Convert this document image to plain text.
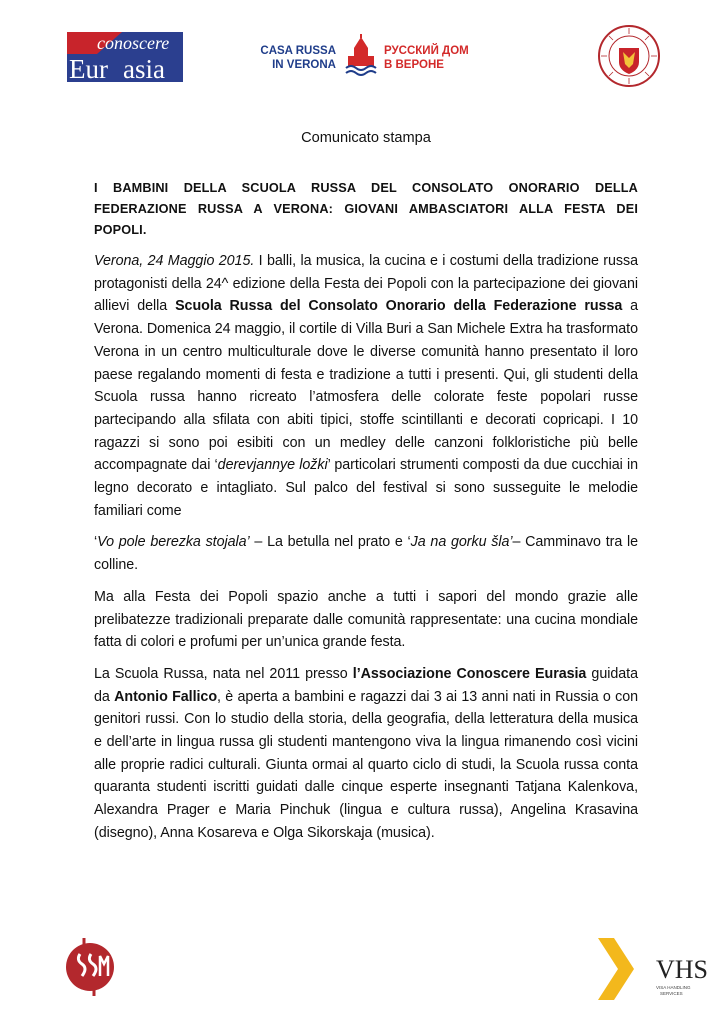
conoscere
Eur asia
CASA RUSSA
IN VERONA
РУССКИЙ ДОМ
В ВЕРОНЕ
Comunicato stampa
I BAMBINI DELLA SCUOLA RUSSA DEL CONSOLATO ONORARIO DELLA FEDERAZIONE RUSSA A VERONA: GIOVANI AMBASCIATORI ALLA FESTA DEI POPOLI.

Verona, 24 Maggio 2015. I balli, la musica, la cucina e i costumi della tradizione russa protagonisti della 24^ edizione della Festa dei Popoli con la partecipazione dei giovani allievi della Scuola Russa del Consolato Onorario della Federazione russa a Verona. Domenica 24 maggio, il cortile di Villa Buri a San Michele Extra ha trasformato Verona in un centro multiculturale dove le diverse comunità hanno presentato il loro paese regalando momenti di festa e tradizione a tutti i presenti. Qui, gli studenti della Scuola russa hanno ricreato l’atmosfera delle colorate feste popolari russe partecipando alla sfilata con abiti tipici, stoffe scintillanti e decorati copricapi. I 10 ragazzi si sono poi esibiti con un medley delle canzoni folkloristiche più belle accompagnate dai ‘derevjannye ložki’ particolari strumenti composti da due cucchiai in legno decorato e intagliato. Sul palco del festival si sono susseguite le melodie familiari come

‘Vo pole berezka stojala’ – La betulla nel prato e ‘Ja na gorku šla’– Camminavo tra le colline.

Ma alla Festa dei Popoli spazio anche a tutti i sapori del mondo grazie alle prelibatezze tradizionali preparate dalle comunità rappresentate: una cucina mondiale fatta di colori e profumi per un’unica grande festa.

La Scuola Russa, nata nel 2011 presso l’Associazione Conoscere Eurasia guidata da Antonio Fallico, è aperta a bambini e ragazzi dai 3 ai 13 anni nati in Russia o con genitori russi. Con lo studio della storia, della geografia, della letteratura della musica e dell’arte in lingua russa gli studenti mantengono viva la lingua rimanendo così vicini alle proprie radici culturali. Giunta ormai al quarto ciclo di studi, la Scuola russa conta quaranta studenti iscritti guidati dalle cinque esperte insegnanti Tatjana Kalenkova, Alexandra Prager e Maria Pinchuk (lingua e cultura russa), Angelina Krasavina (disegno), Anna Kosareva e Olga Sikorskaja (musica).

VHS
VISA HANDLING
SERVICES
